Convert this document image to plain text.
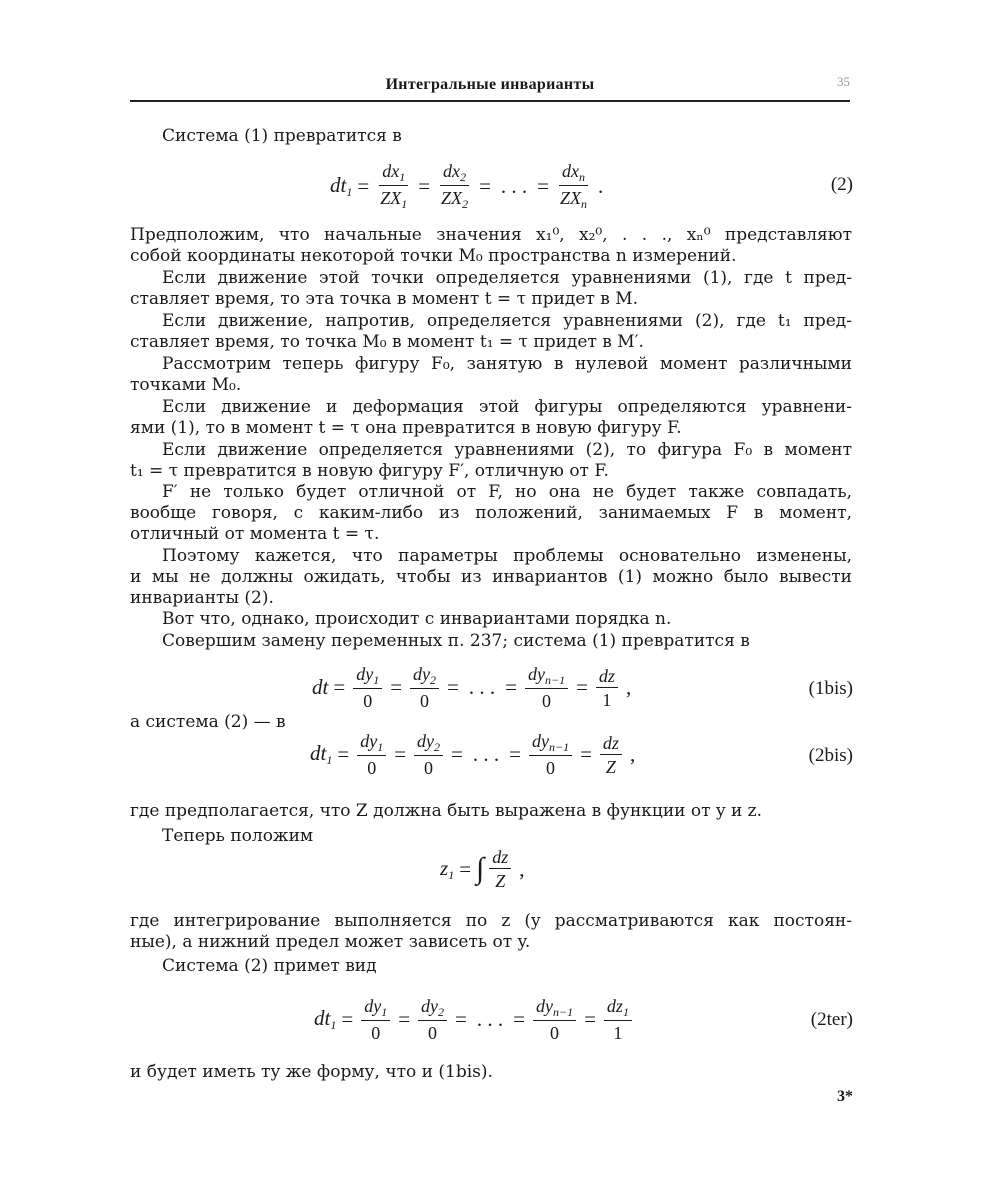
Интегральные инварианты	35

Система (1) превратится в

$dt_1 = \frac{dx_1}{ZX_1} = \frac{dx_2}{ZX_2}$ = . . . = $\frac{dx_n}{ZX_n}$ .	(2)
Предположим, что начальные значения x₁⁰, x₂⁰, . . ., xₙ⁰ представляют
собой координаты некоторой точки M₀ пространства n измерений.
Если движение этой точки определяется уравнениями (1), где t пред-
ставляет время, то эта точка в момент t = τ придет в M.
Если движение, напротив, определяется уравнениями (2), где t₁ пред-
ставляет время, то точка M₀ в момент t₁ = τ придет в M′.
Рассмотрим теперь фигуру F₀, занятую в нулевой момент различными
точками M₀.
Если движение и деформация этой фигуры определяются уравнени-
ями (1), то в момент t = τ она превратится в новую фигуру F.
Если движение определяется уравнениями (2), то фигура F₀ в момент
t₁ = τ превратится в новую фигуру F′, отличную от F.
F′ не только будет отличной от F, но она не будет также совпадать,
вообще говоря, с каким-либо из положений, занимаемых F в момент,
отличный от момента t = τ.
Поэтому кажется, что параметры проблемы основательно изменены,
и мы не должны ожидать, чтобы из инвариантов (1) можно было вывести
инварианты (2).

Вот что, однако, происходит с инвариантами порядка n.

Совершим замену переменных п. 237; система (1) превратится в

dt = $\frac{dy_1}{0} = \frac{dy_2}{0}$ = . . . = $\frac{dy_{n-1}}{0} = \frac{dz}{1}$ ,	(1bis)

а система (2) — в

$dt_1 = \frac{dy_1}{0} = \frac{dy_2}{0}$ = . . . = $\frac{dy_{n-1}}{0} = \frac{dz}{Z}$ ,	(2bis)

где предполагается, что Z должна быть выражена в функции от y и z.

Теперь положим

$z_1$ = ∫ $\frac{dz}{Z}$ ,
где интегрирование выполняется по z (y рассматриваются как постоян-
ные), а нижний предел может зависеть от y.

Система (2) примет вид

$dt_1 = \frac{dy_1}{0} = \frac{dy_2}{0}$ = . . . = $\frac{dy_{n-1}}{0} = \frac{dz_1}{1}$	(2ter)

и будет иметь ту же форму, что и (1bis).

3*
